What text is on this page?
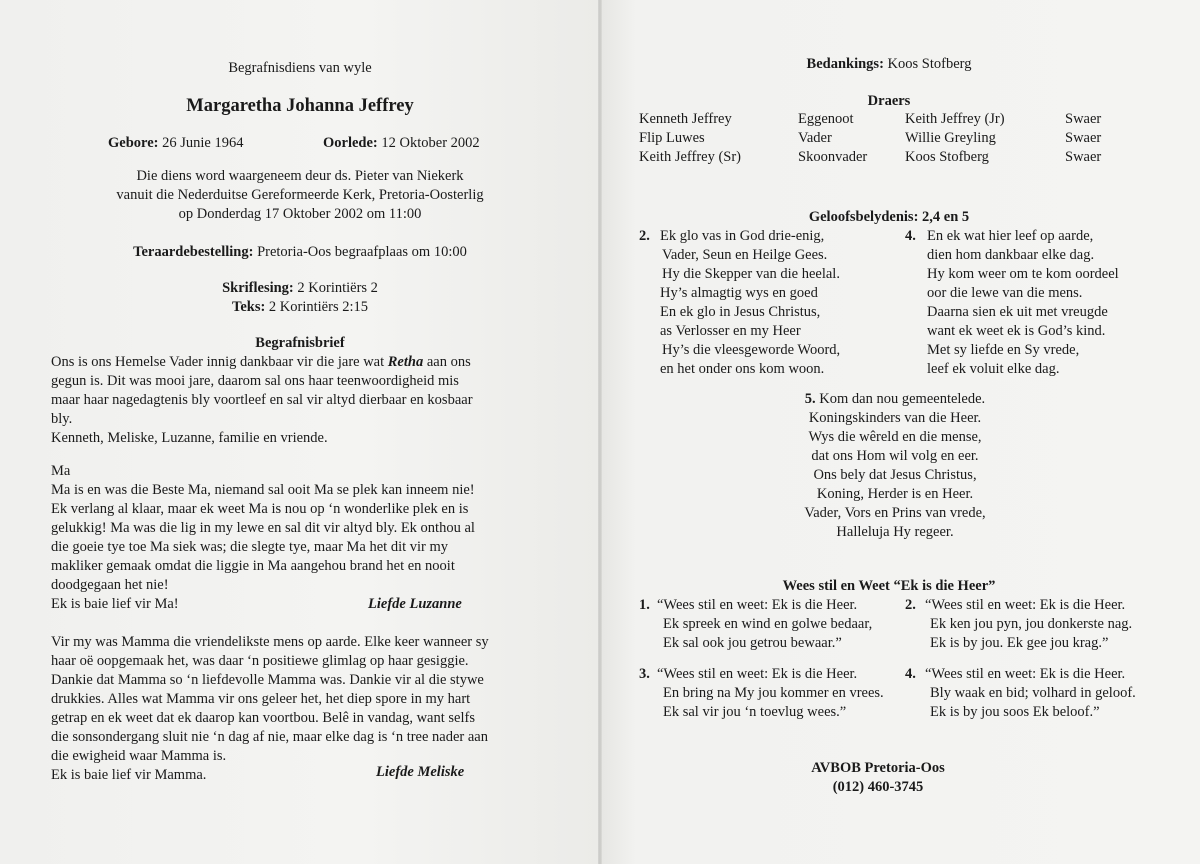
Begrafnisdiens van wyle
Margaretha Johanna Jeffrey
Gebore: 26 Junie 1964	Oorlede: 12 Oktober 2002
Die diens word waargeneem deur ds. Pieter van Niekerk
vanuit die Nederduitse Gereformeerde Kerk, Pretoria-Oosterlig
op Donderdag 17 Oktober 2002 om 11:00
Teraardebestelling: Pretoria-Oos begraafplaas om 10:00
Skriflesing: 2 Korintiërs 2
Teks: 2 Korintiërs 2:15
Begrafnisbrief
Ons is ons Hemelse Vader innig dankbaar vir die jare wat Retha aan ons
gegun is. Dit was mooi jare, daarom sal ons haar teenwoordigheid mis
maar haar nagedagtenis bly voortleef en sal vir altyd dierbaar en kosbaar
bly.
Kenneth, Meliske, Luzanne, familie en vriende.
Ma
Ma is en was die Beste Ma, niemand sal ooit Ma se plek kan inneem nie!
Ek verlang al klaar, maar ek weet Ma is nou op ‘n wonderlike plek en is
gelukkig! Ma was die lig in my lewe en sal dit vir altyd bly. Ek onthou al
die goeie tye toe Ma siek was; die slegte tye, maar Ma het dit vir my
makliker gemaak omdat die liggie in Ma aangehou brand het en nooit
doodgegaan het nie!
Ek is baie lief vir Ma!	Liefde Luzanne
Vir my was Mamma die vriendelikste mens op aarde. Elke keer wanneer sy
haar oë oopgemaak het, was daar ‘n positiewe glimlag op haar gesiggie.
Dankie dat Mamma so ‘n liefdevolle Mamma was. Dankie vir al die stywe
drukkies. Alles wat Mamma vir ons geleer het, het diep spore in my hart
getrap en ek weet dat ek daarop kan voortbou. Belê in vandag, want selfs
die sonsondergang sluit nie ‘n dag af nie, maar elke dag is ‘n tree nader aan
die ewigheid waar Mamma is.
Ek is baie lief vir Mamma.	Liefde Meliske
Bedankings: Koos Stofberg
Draers
Kenneth Jeffrey	Eggenoot	Keith Jeffrey (Jr)	Swaer
Flip Luwes	Vader	Willie Greyling	Swaer
Keith Jeffrey (Sr)	Skoonvader	Koos Stofberg	Swaer
Geloofsbelydenis: 2,4 en 5
2. Ek glo vas in God drie-enig,
Vader, Seun en Heilge Gees.
Hy die Skepper van die heelal.
Hy’s almagtig wys en goed
En ek glo in Jesus Christus,
as Verlosser en my Heer
Hy’s die vleesgeworde Woord,
en het onder ons kom woon.
4. En ek wat hier leef op aarde,
dien hom dankbaar elke dag.
Hy kom weer om te kom oordeel
oor die lewe van die mens.
Daarna sien ek uit met vreugde
want ek weet ek is God’s kind.
Met sy liefde en Sy vrede,
leef ek voluit elke dag.
5. Kom dan nou gemeentelede.
Koningskinders van die Heer.
Wys die wêreld en die mense,
dat ons Hom wil volg en eer.
Ons bely dat Jesus Christus,
Koning, Herder is en Heer.
Vader, Vors en Prins van vrede,
Halleluja Hy regeer.
Wees stil en Weet “Ek is die Heer”
1. “Wees stil en weet: Ek is die Heer.
Ek spreek en wind en golwe bedaar,
Ek sal ook jou getrou bewaar.”
2. “Wees stil en weet: Ek is die Heer.
Ek ken jou pyn, jou donkerste nag.
Ek is by jou. Ek gee jou krag.”
3. “Wees stil en weet: Ek is die Heer.
En bring na My jou kommer en vrees.
Ek sal vir jou ‘n toevlug wees.”
4. “Wees stil en weet: Ek is die Heer.
Bly waak en bid; volhard in geloof.
Ek is by jou soos Ek beloof.”
AVBOB Pretoria-Oos
(012) 460-3745
